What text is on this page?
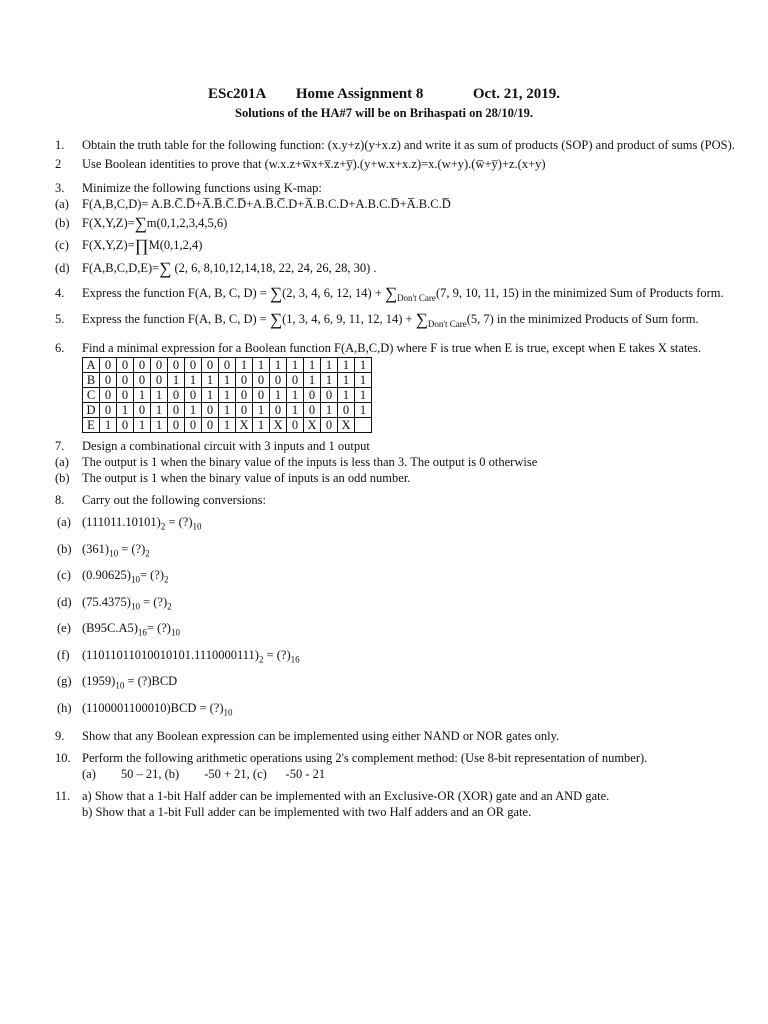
ESc201A Home Assignment 8	Oct. 21, 2019.
Solutions of the HA#7 will be on Brihaspati on 28/10/19.
1.	Obtain the truth table for the following function: (x.y+z)(y+x.z) and write it as sum of products (SOP) and product of sums (POS).
2	Use Boolean identities to prove that (w.x.z+w̅x+x̅.z+y̅).(y+w.x+x.z)=x.(w+y).(w̅+y̅)+z.(x+y)
3.	Minimize the following functions using K-map:
(a)	F(A,B,C,D)= A.B.C̅.D̅+A̅.B̅.C̅.D̅+A.B̅.C̅.D+A̅.B.C.D+A.B.C.D̅+A̅.B.C.D̅
(b) F(X,Y,Z)=∑m(0,1,2,3,4,5,6)
(c)	F(X,Y,Z)=∏M(0,1,2,4)
(d) F(A,B,C,D,E)=∑ (2, 6, 8,10,12,14,18, 22, 24, 26, 28, 30) .
4.	Express the function F(A, B, C, D) = ∑(2, 3, 4, 6, 12, $14) + \sum_{Don't Care}(7$, 9, 10, 11, 15) in the minimized Sum of Products form.
5.	Express the function F(A, B, C, D) = ∑(1, 3, 4, 6, 9, 11, 12, $14) + \sum_{Don't Care}(5$, 7) in the minimized Products of Sum form.
6.	Find a minimal expression for a Boolean function F(A,B,C,D) where F is true when E is true, except when E takes X states.
A	0	0	0	0	0	0	0	0	1	1	1	1	1	1	1	1
B	0	0	0	0	1	1	1	1	0	0	0	0	1	1	1	1
C	0	0	1	1	0	0	1	1	0	0	1	1	0	0	1	1
D	0	1	0	1	0	1	0	1	0	1	0	1	0	1	0	1
E	1	0	1	1	0	0	0	1	X	1	X	0	X	0	X	
7.	Design a combinational circuit with 3 inputs and 1 output
(a)	The output is 1 when the binary value of the inputs is less than 3. The output is 0 otherwise
(b) The output is 1 when the binary value of inputs is an odd number.
8.	Carry out the following conversions:
(a) $(111011.10101)_2$ = $(?)_{10}$
(b) $(361)_{10}$ = $(?)_2$
(c) $(0.90625)_{10}=$ $(?)_2$
(d) $(75.4375)_{10}$ = $(?)_2$
(e) $(B95C.A5)_{16}=$ $(?)_{10}$
(f)	$(11011011010010101.1110000111)_2$ = $(?)_{16}$
(g) $(1959)_{10}$ = (?)BCD
(h) $(1100001100010)BCD = (?)_{10}$
9.	Show that any Boolean expression can be implemented using either NAND or NOR gates only.
10. Perform the following arithmetic operations using 2's complement method: (Use 8-bit representation of number).
(a)        50 – 21, (b)        -50 + 21, (c)      -50 - 21
11. a) Show that a 1-bit Half adder can be implemented with an Exclusive-OR (XOR) gate and an AND gate.
b) Show that a 1-bit Full adder can be implemented with two Half adders and an OR gate.
